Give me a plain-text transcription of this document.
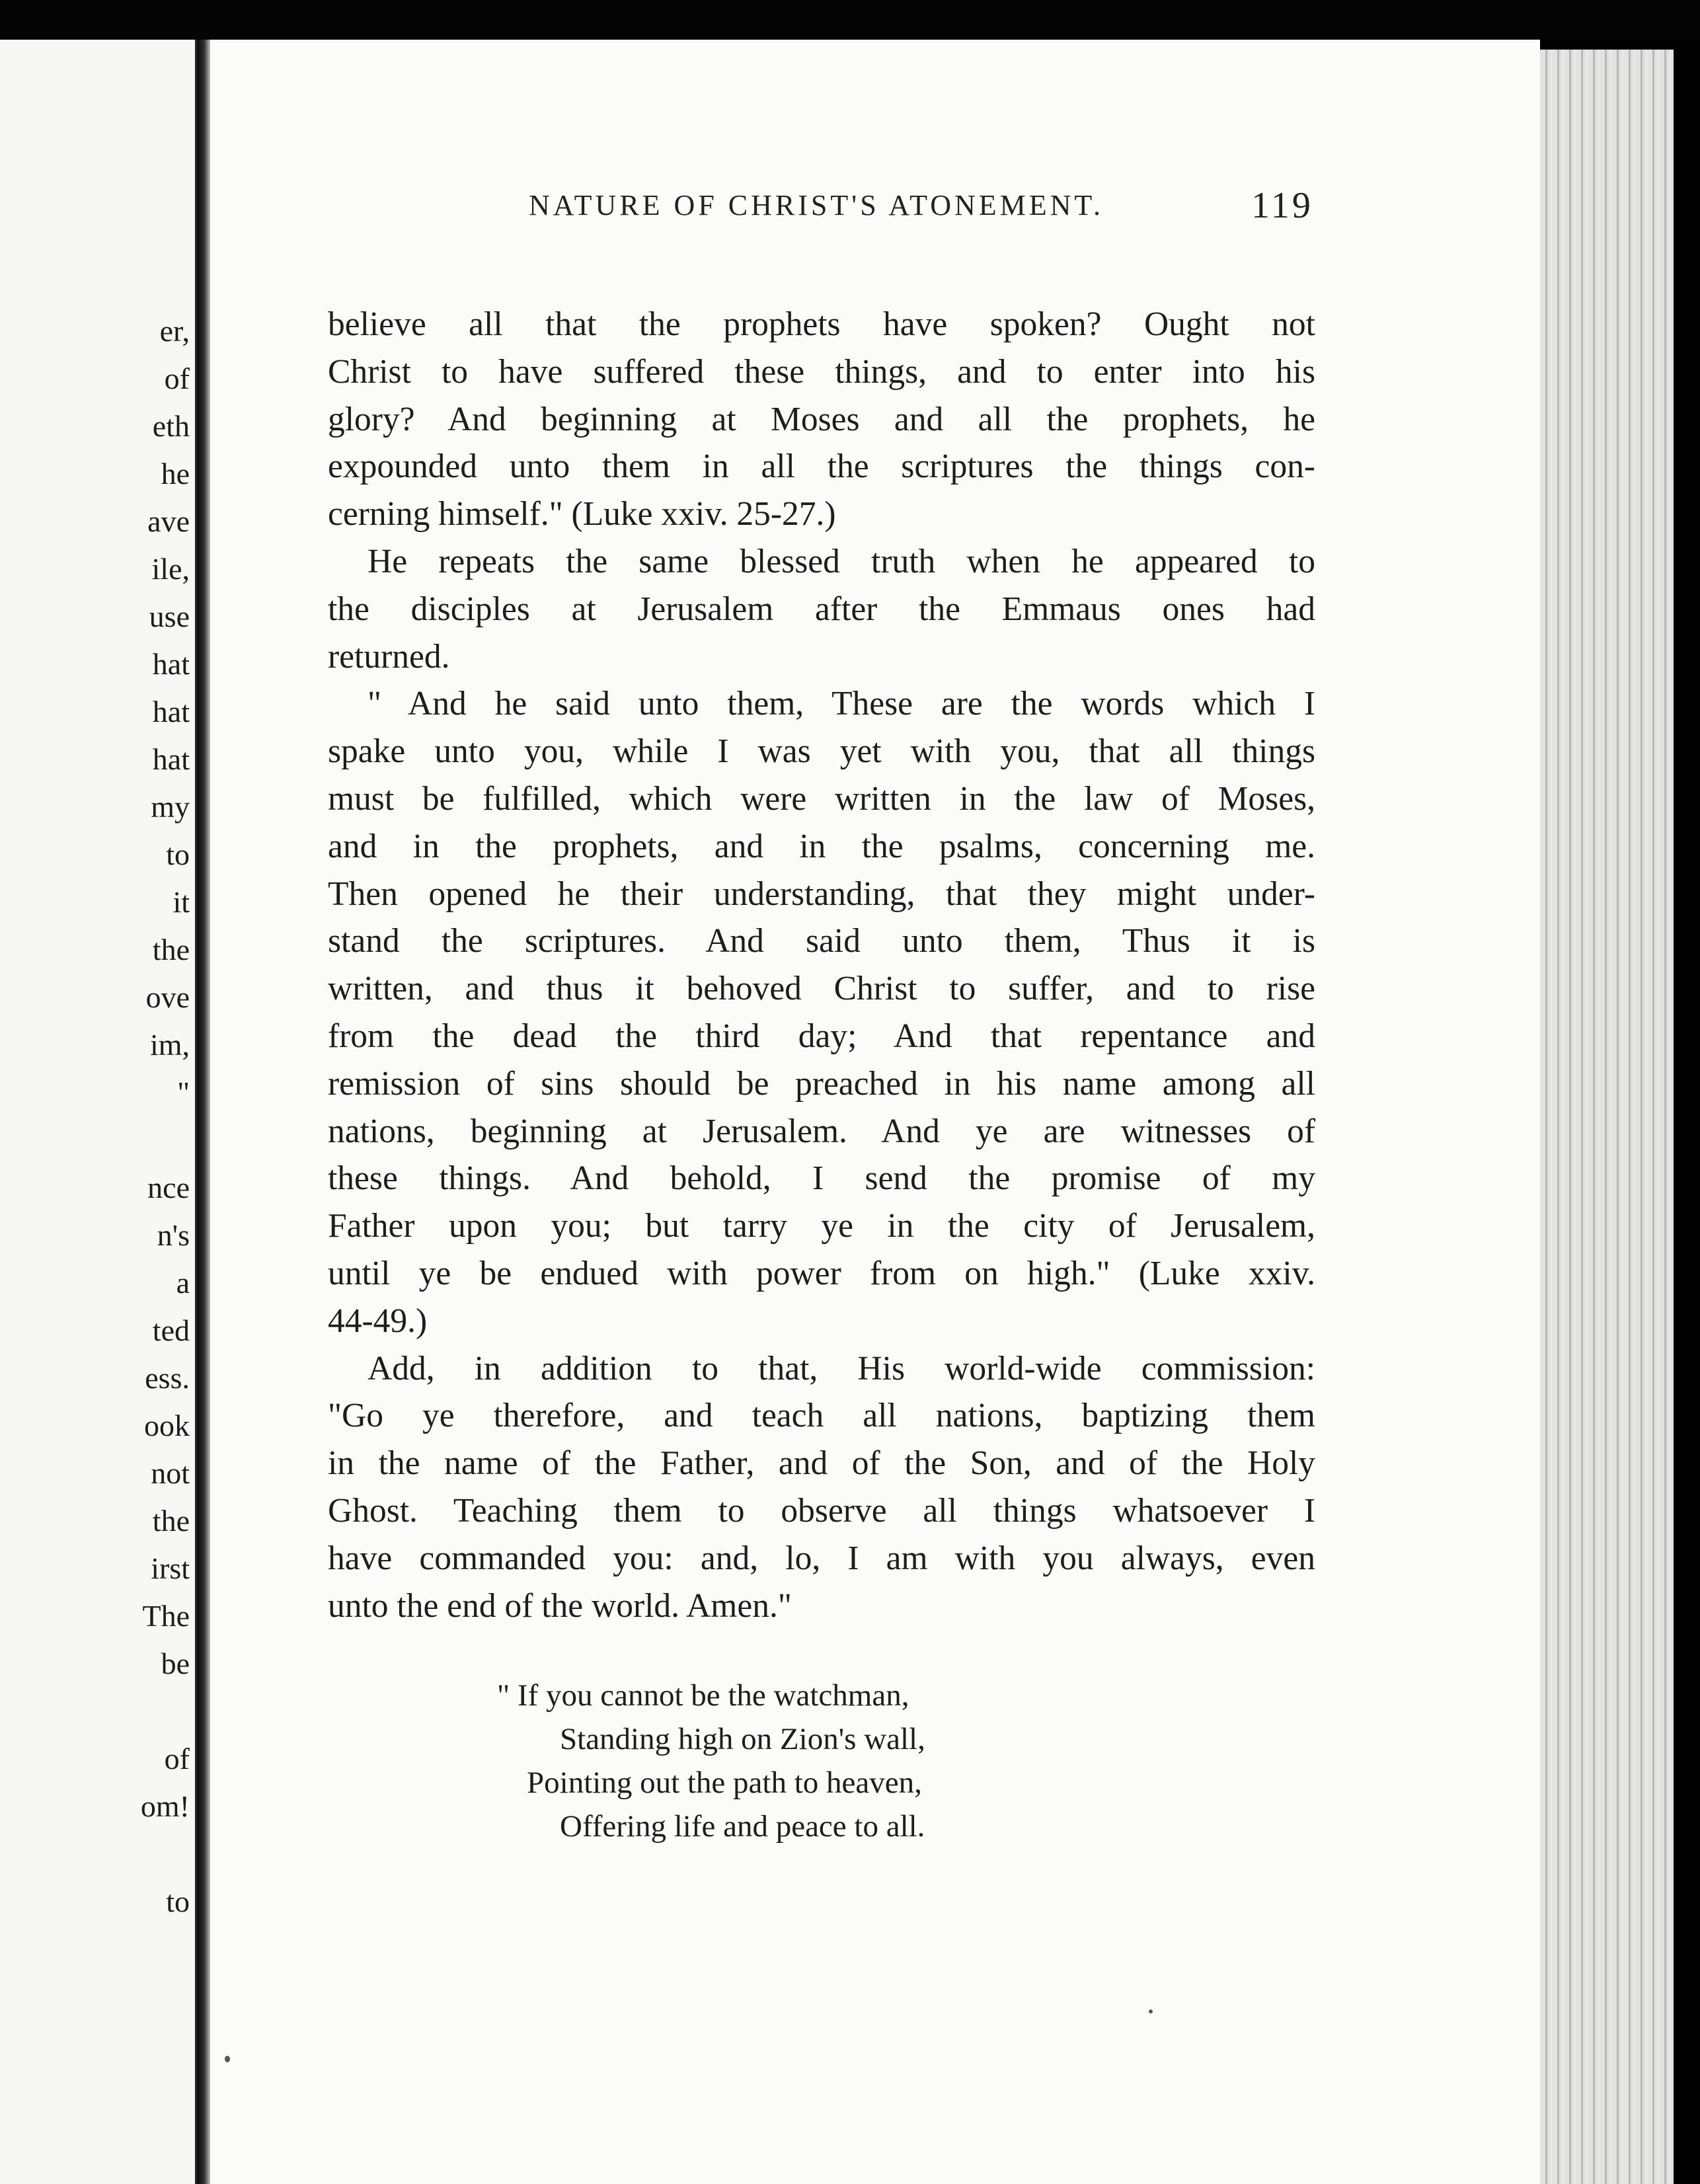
er,
of
eth
he
ave
ile,
use
hat
hat
hat
my
to
it
the
ove
im,
"
nce
n's
a
ted
ess.
ook
not
the
irst
The
be
of
om!
to
NATURE OF CHRIST'S ATONEMENT.	119
believe all that the prophets have spoken? Ought not
Christ to have suffered these things, and to enter into his
glory? And beginning at Moses and all the prophets, he
expounded unto them in all the scriptures the things con-
cerning himself." (Luke xxiv. 25-27.)
He repeats the same blessed truth when he appeared to
the disciples at Jerusalem after the Emmaus ones had
returned.
" And he said unto them, These are the words which I
spake unto you, while I was yet with you, that all things
must be fulfilled, which were written in the law of Moses,
and in the prophets, and in the psalms, concerning me.
Then opened he their understanding, that they might under-
stand the scriptures. And said unto them, Thus it is
written, and thus it behoved Christ to suffer, and to rise
from the dead the third day; And that repentance and
remission of sins should be preached in his name among all
nations, beginning at Jerusalem. And ye are witnesses of
these things. And behold, I send the promise of my
Father upon you; but tarry ye in the city of Jerusalem,
until ye be endued with power from on high." (Luke xxiv.
44-49.)
Add, in addition to that, His world-wide commission:
"Go ye therefore, and teach all nations, baptizing them
in the name of the Father, and of the Son, and of the Holy
Ghost. Teaching them to observe all things whatsoever I
have commanded you: and, lo, I am with you always, even
unto the end of the world. Amen."
" If you cannot be the watchman,
Standing high on Zion's wall,
Pointing out the path to heaven,
Offering life and peace to all.
